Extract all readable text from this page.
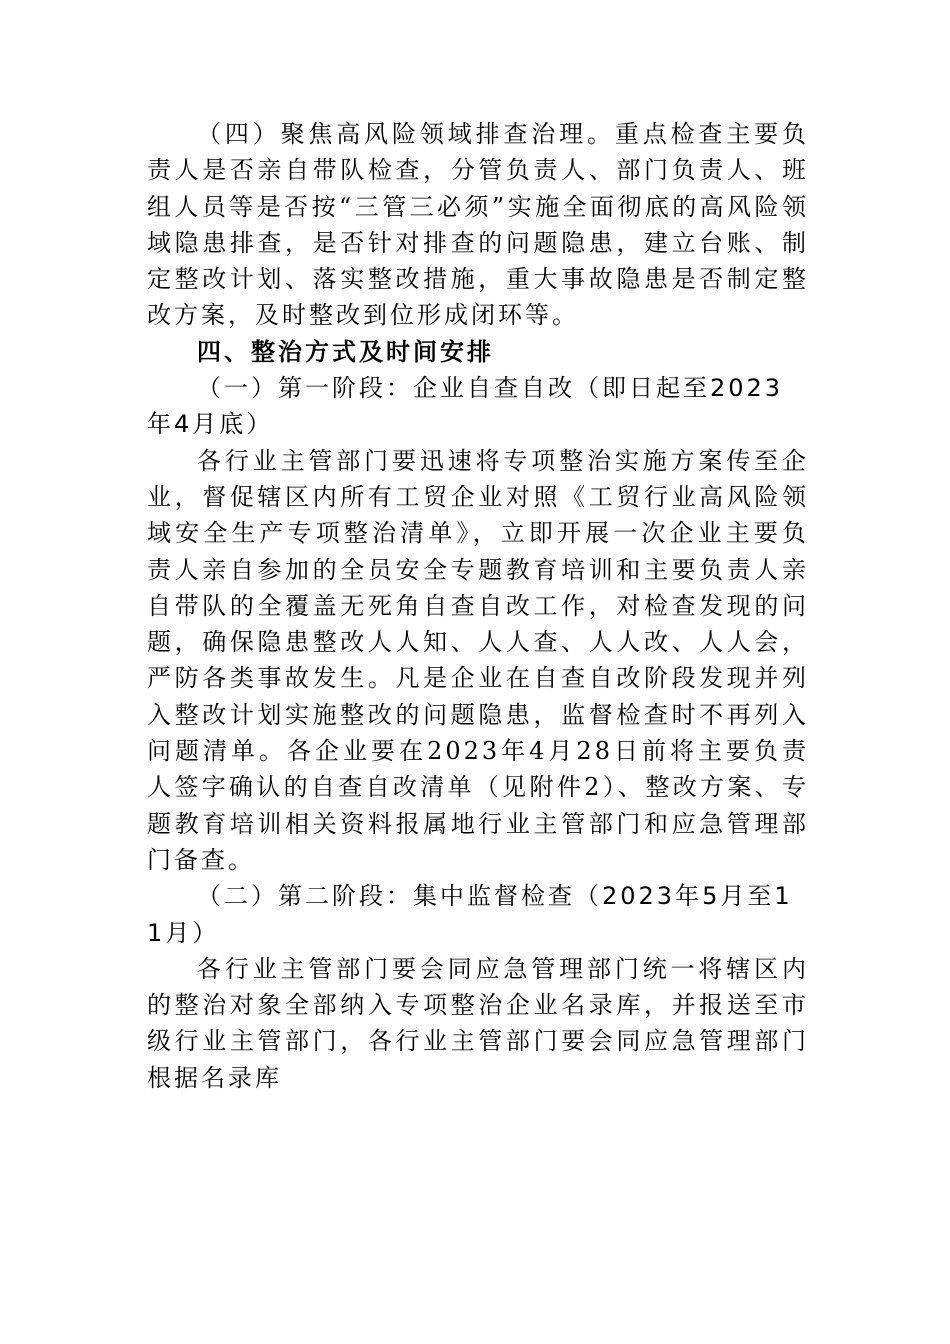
（四）聚焦高风险领域排查治理。重点检查主要负责人是否亲自带队检查，分管负责人、部门负责人、班组人员等是否按“三管三必须”实施全面彻底的高风险领域隐患排查，是否针对排查的问题隐患，建立台账、制定整改计划、落实整改措施，重大事故隐患是否制定整改方案，及时整改到位形成闭环等。

四、整治方式及时间安排

（一）第一阶段：企业自查自改（即日起至2023年4月底）

各行业主管部门要迅速将专项整治实施方案传至企业，督促辖区内所有工贸企业对照《工贸行业高风险领域安全生产专项整治清单》，立即开展一次企业主要负责人亲自参加的全员安全专题教育培训和主要负责人亲自带队的全覆盖无死角自查自改工作，对检查发现的问题，确保隐患整改人人知、人人查、人人改、人人会，严防各类事故发生。凡是企业在自查自改阶段发现并列入整改计划实施整改的问题隐患，监督检查时不再列入问题清单。各企业要在2023年4月28日前将主要负责人签字确认的自查自改清单（见附件2）、整改方案、专题教育培训相关资料报属地行业主管部门和应急管理部门备查。

（二）第二阶段：集中监督检查（2023年5月至11月）

各行业主管部门要会同应急管理部门统一将辖区内的整治对象全部纳入专项整治企业名录库，并报送至市级行业主管部门，各行业主管部门要会同应急管理部门根据名录库
